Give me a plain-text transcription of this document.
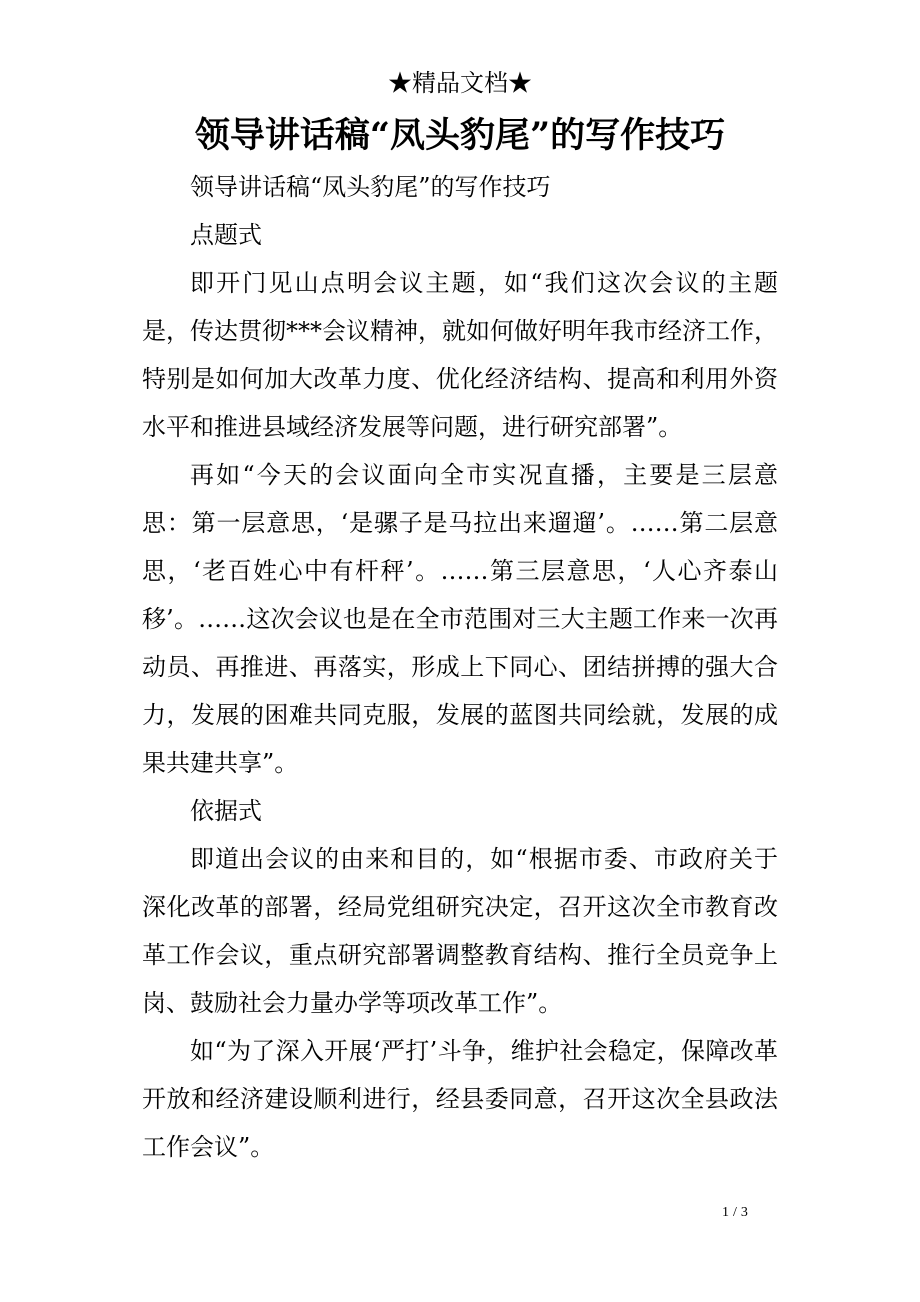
★精品文档★
领导讲话稿“凤头豹尾”的写作技巧

领导讲话稿“凤头豹尾”的写作技巧

点题式

即开门见山点明会议主题，如“我们这次会议的主题是，传达贯彻***会议精神，就如何做好明年我市经济工作，特别是如何加大改革力度、优化经济结构、提高和利用外资水平和推进县域经济发展等问题，进行研究部署”。

再如“今天的会议面向全市实况直播，主要是三层意思：第一层意思，‘是骡子是马拉出来遛遛’。……第二层意思，‘老百姓心中有杆秤’。……第三层意思，‘人心齐泰山移’。……这次会议也是在全市范围对三大主题工作来一次再动员、再推进、再落实，形成上下同心、团结拼搏的强大合力，发展的困难共同克服，发展的蓝图共同绘就，发展的成果共建共享”。

依据式

即道出会议的由来和目的，如“根据市委、市政府关于深化改革的部署，经局党组研究决定，召开这次全市教育改革工作会议，重点研究部署调整教育结构、推行全员竞争上岗、鼓励社会力量办学等项改革工作”。

如“为了深入开展‘严打’斗争，维护社会稳定，保障改革开放和经济建设顺利进行，经县委同意，召开这次全县政法工作会议”。

1 / 3
